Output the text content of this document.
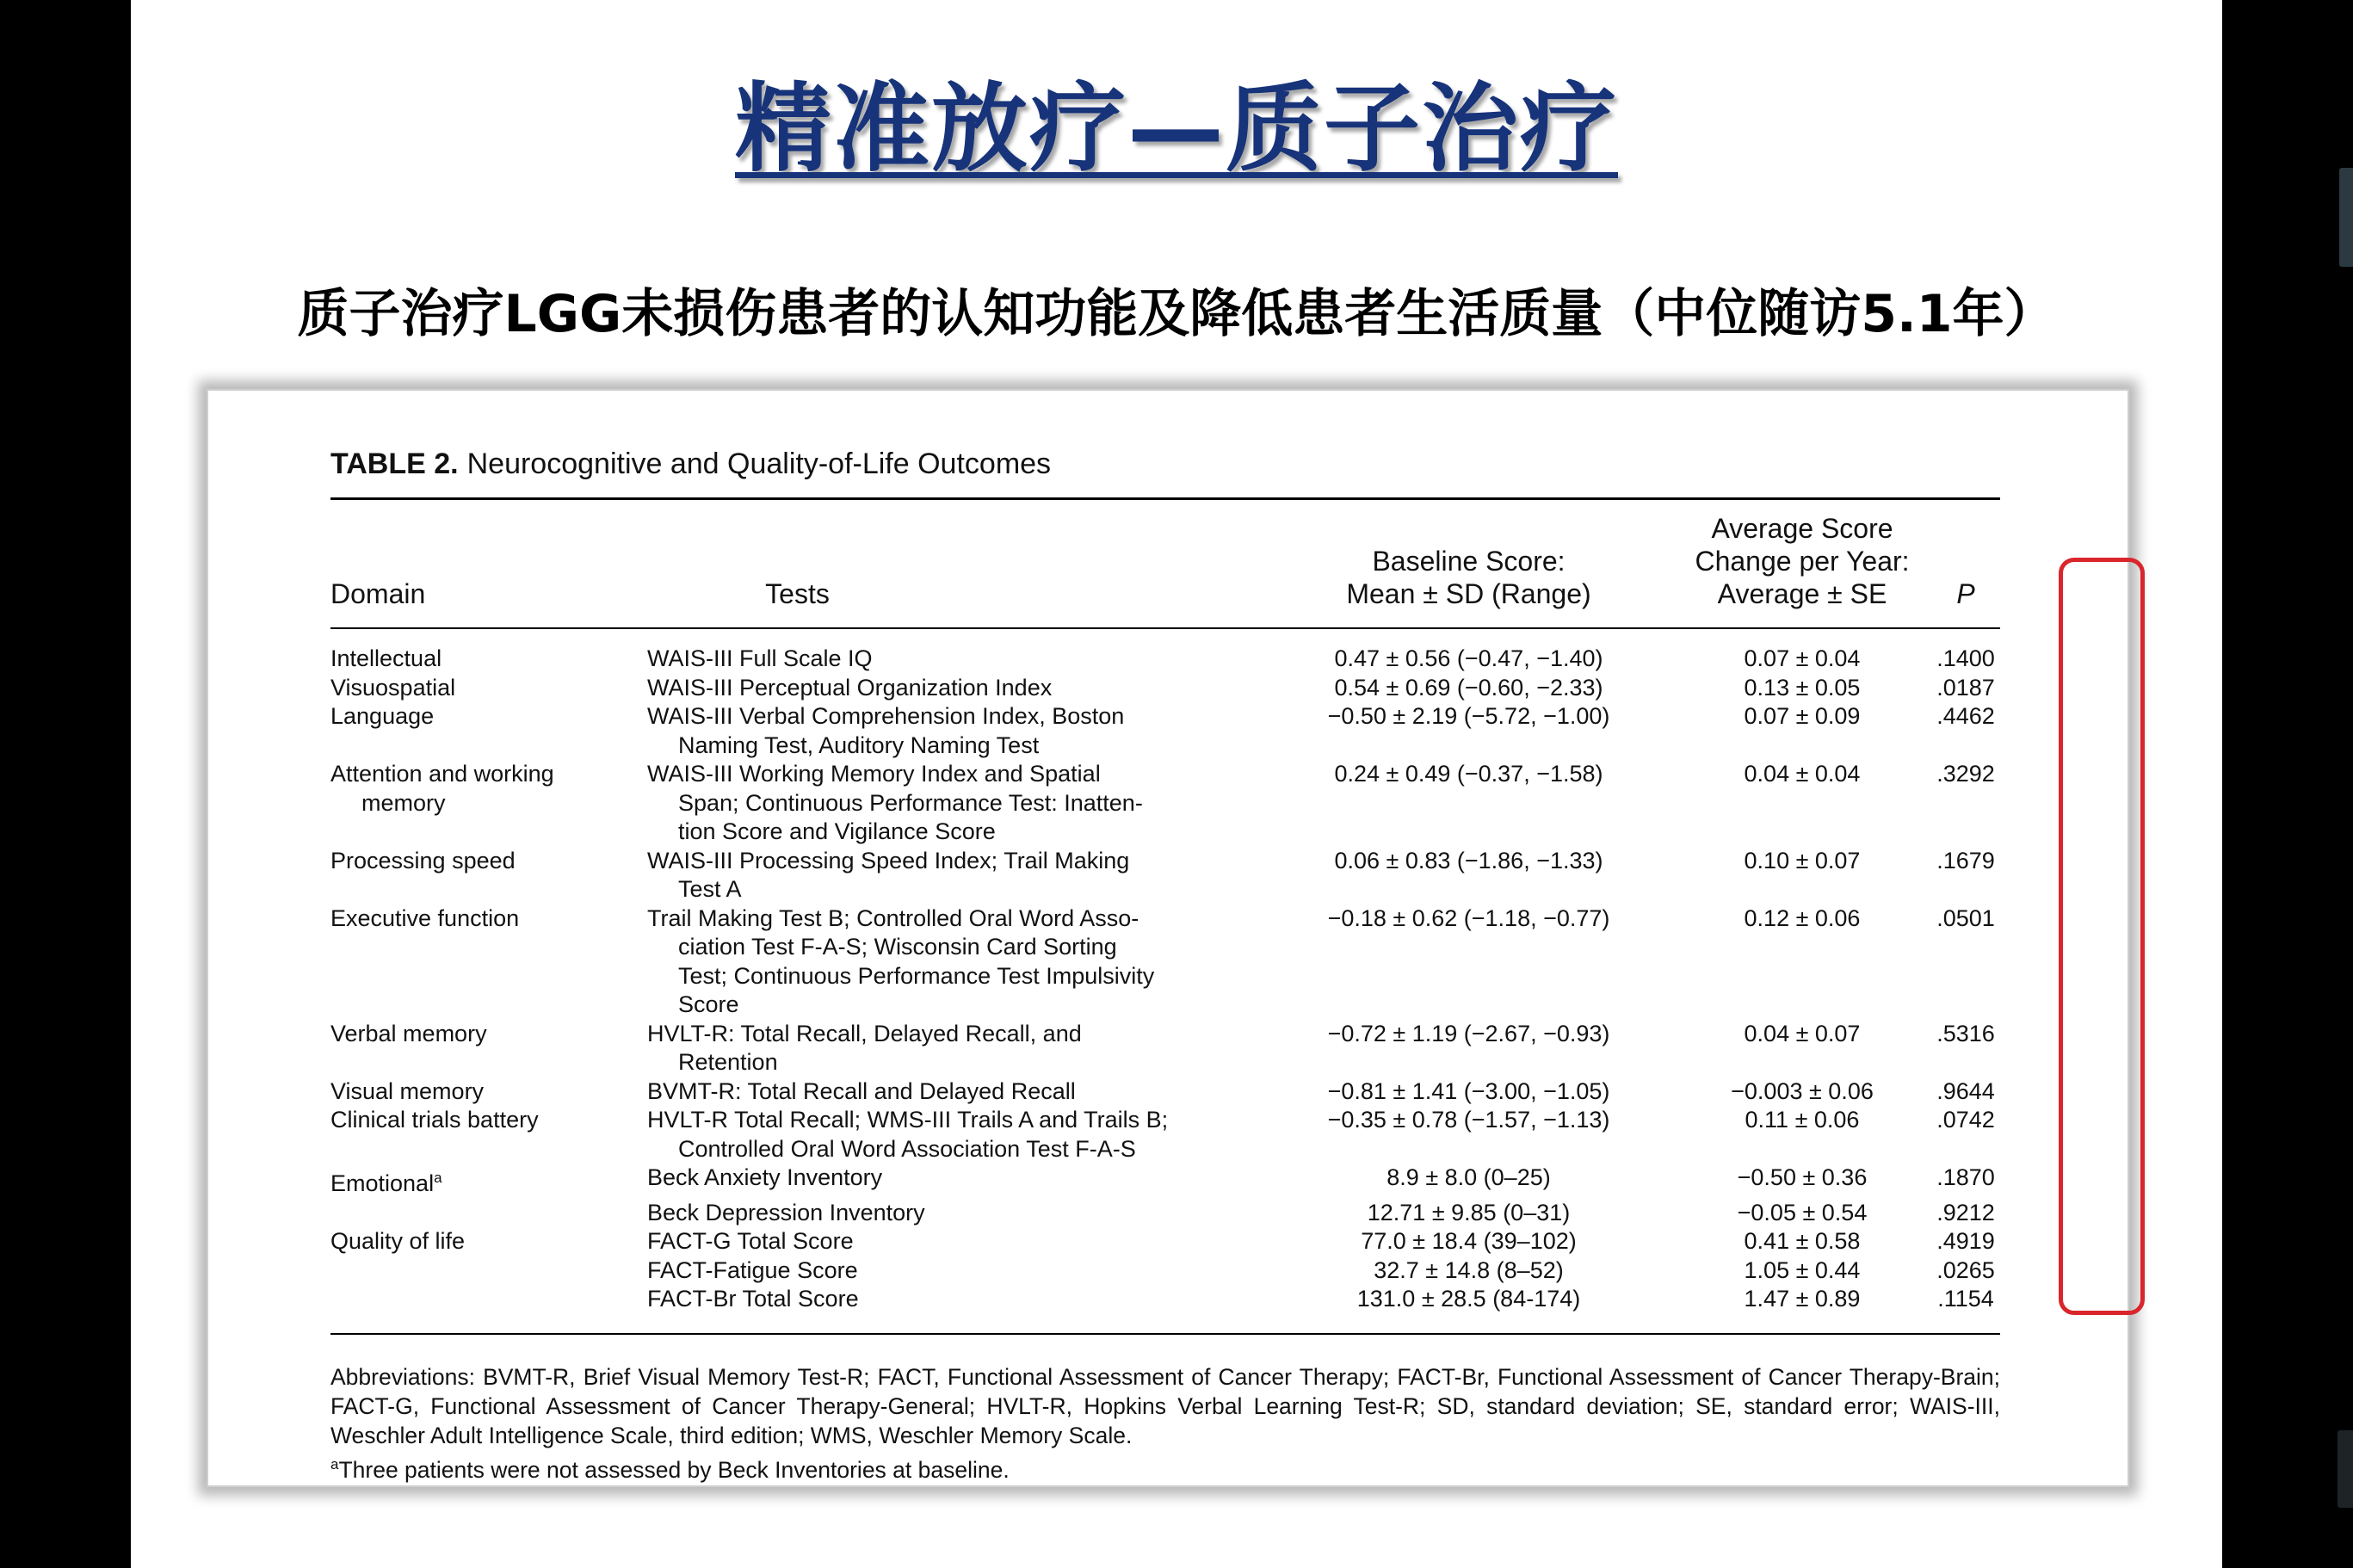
精准放疗—质子治疗
质子治疗LGG未损伤患者的认知功能及降低患者生活质量（中位随访5.1年）
TABLE 2. Neurocognitive and Quality-of-Life Outcomes
Domain	Tests
Baseline Score:
Mean ± SD (Range)
Average Score
Change per Year:
Average ± SE	P
Intellectual	WAIS-III Full Scale IQ	0.47 ± 0.56 (−0.47, −1.40)	0.07 ± 0.04	.1400

Visuospatial	WAIS-III Perceptual Organization Index	0.54 ± 0.69 (−0.60, −2.33)	0.13 ± 0.05	.0187

Language	WAIS-III Verbal Comprehension Index, Boston
Naming Test, Auditory Naming Test	−0.50 ± 2.19 (−5.72, −1.00)	0.07 ± 0.09	.4462

Attention and working
memory	WAIS-III Working Memory Index and Spatial
Span; Continuous Performance Test: Inatten-
tion Score and Vigilance Score	0.24 ± 0.49 (−0.37, −1.58)	0.04 ± 0.04	.3292

Processing speed	WAIS-III Processing Speed Index; Trail Making
Test A	0.06 ± 0.83 (−1.86, −1.33)	0.10 ± 0.07	.1679

Executive function	Trail Making Test B; Controlled Oral Word Asso-
ciation Test F-A-S; Wisconsin Card Sorting
Test; Continuous Performance Test Impulsivity
Score	−0.18 ± 0.62 (−1.18, −0.77)	0.12 ± 0.06	.0501

Verbal memory	HVLT-R: Total Recall, Delayed Recall, and
Retention	−0.72 ± 1.19 (−2.67, −0.93)	0.04 ± 0.07	.5316

Visual memory	BVMT-R: Total Recall and Delayed Recall	−0.81 ± 1.41 (−3.00, −1.05)	−0.003 ± 0.06	.9644

Clinical trials battery	HVLT-R Total Recall; WMS-III Trails A and Trails B;
Controlled Oral Word Association Test F-A-S	−0.35 ± 0.78 (−1.57, −1.13)	0.11 ± 0.06	.0742
Emotional$^a$	Beck Anxiety Inventory	8.9 ± 8.0 (0–25)	−0.50 ± 0.36	.1870

	Beck Depression Inventory	12.71 ± 9.85 (0–31)	−0.05 ± 0.54	.9212

Quality of life	FACT-G Total Score	77.0 ± 18.4 (39–102)	0.41 ± 0.58	.4919

	FACT-Fatigue Score	32.7 ± 14.8 (8–52)	1.05 ± 0.44	.0265

	FACT-Br Total Score	131.0 ± 28.5 (84-174)	1.47 ± 0.89	.1154

Abbreviations: BVMT-R, Brief Visual Memory Test-R; FACT, Functional Assessment of Cancer Therapy; FACT-Br, Functional Assessment of Cancer Therapy-Brain; FACT-G, Functional Assessment of Cancer Therapy-General; HVLT-R, Hopkins Verbal Learning Test-R; SD, standard deviation; SE, standard error; WAIS-III, Weschler Adult Intelligence Scale, third edition; WMS, Weschler Memory Scale.

$^a$Three patients were not assessed by Beck Inventories at baseline.
